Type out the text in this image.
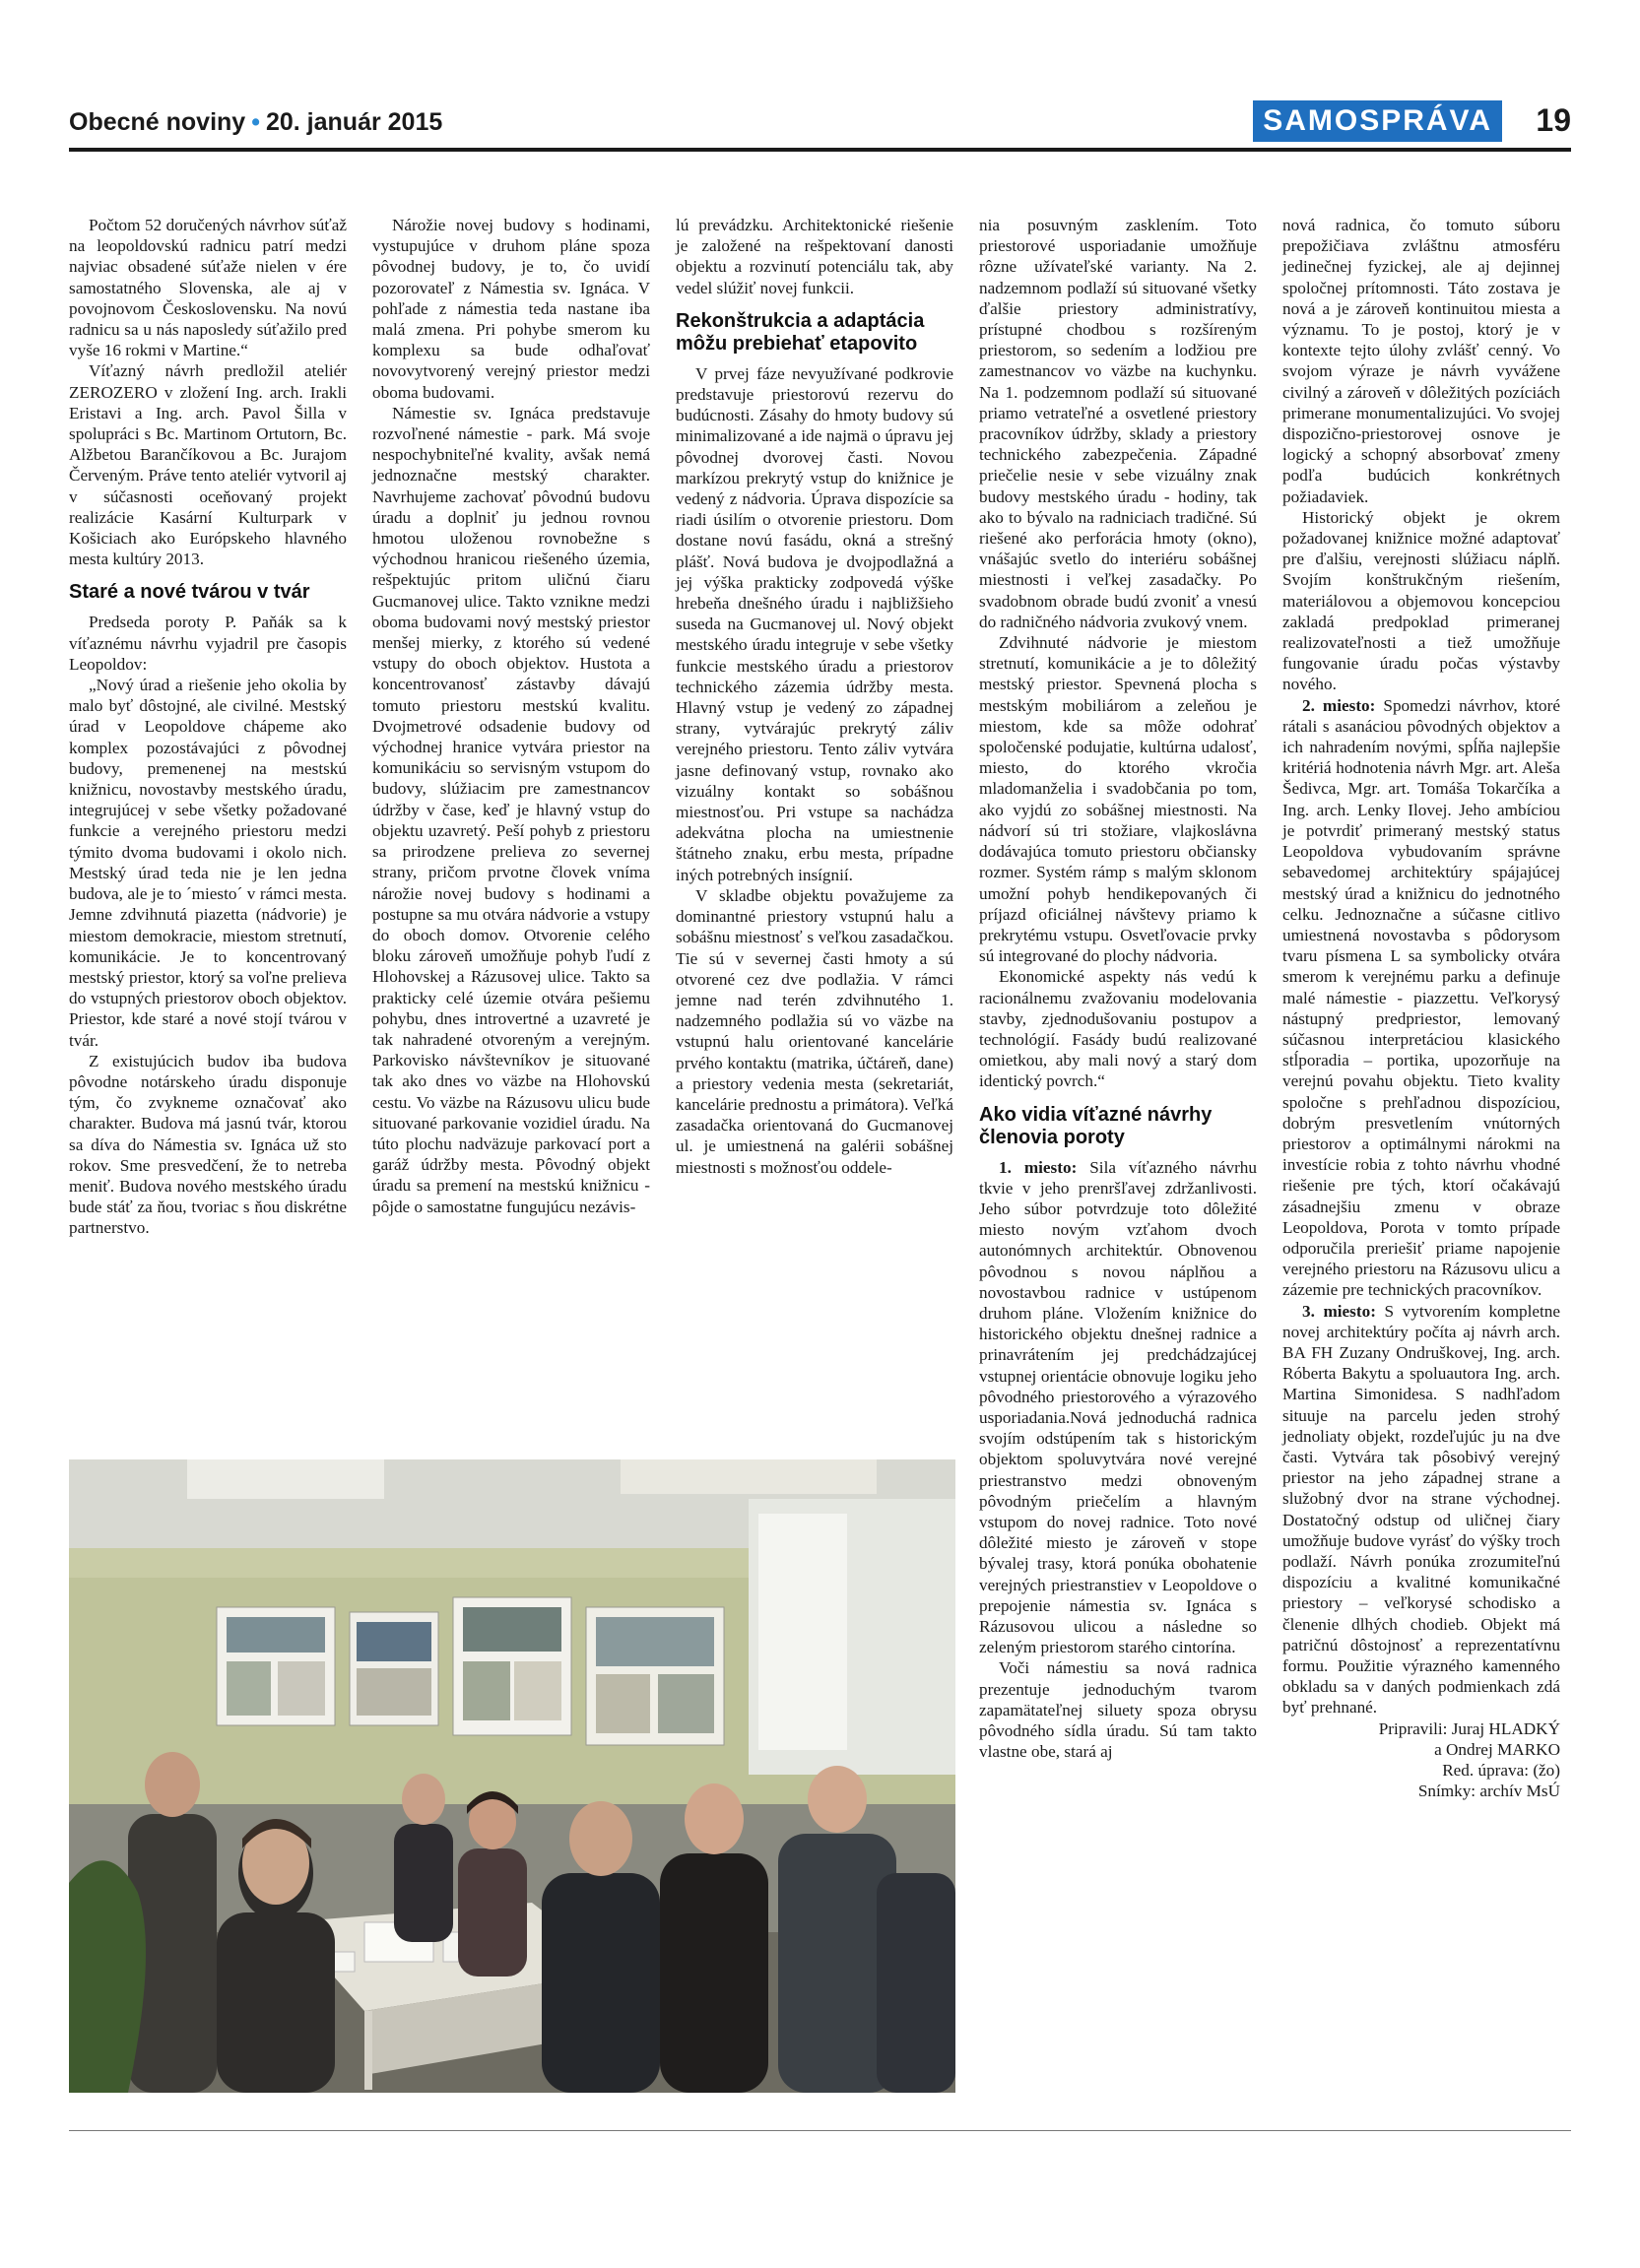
Obecné noviny • 20. január 2015	SAMOSPRÁVA	19

Počtom 52 doručených návrhov súťaž na leopoldovskú radnicu patrí medzi najviac obsadené súťaže nielen v ére samostatného Slovenska, ale aj v povojnovom Československu. Na novú radnicu sa u nás naposledy súťažilo pred vyše 16 rokmi v Martine.“

Víťazný návrh predložil ateliér ZEROZERO v zložení Ing. arch. Irakli Eristavi a Ing. arch. Pavol Šilla v spolupráci s Bc. Martinom Ortutorn, Bc. Alžbetou Barančíkovou a Bc. Jurajom Červeným. Práve tento ateliér vytvoril aj v súčasnosti oceňovaný projekt realizácie Kasární Kulturpark v Košiciach ako Európskeho hlavného mesta kultúry 2013.

Staré a nové tvárou v tvár

Predseda poroty P. Paňák sa k víťaznému návrhu vyjadril pre časopis Leopoldov:

„Nový úrad a riešenie jeho okolia by malo byť dôstojné, ale civilné. Mestský úrad v Leopoldove chápeme ako komplex pozostávajúci z pôvodnej budovy, premenenej na mestskú knižnicu, novostavby mestského úradu, integrujúcej v sebe všetky požadované funkcie a verejného priestoru medzi týmito dvoma budovami i okolo nich. Mestský úrad teda nie je len jedna budova, ale je to ´miesto´ v rámci mesta. Jemne zdvihnutá piazetta (nádvorie) je miestom demokracie, miestom stretnutí, komunikácie. Je to koncentrovaný mestský priestor, ktorý sa voľne prelieva do vstupných priestorov oboch objektov. Priestor, kde staré a nové stojí tvárou v tvár.

Z existujúcich budov iba budova pôvodne notárskeho úradu disponuje tým, čo zvykneme označovať ako charakter. Budova má jasnú tvár, ktorou sa díva do Námestia sv. Ignáca už sto rokov. Sme presvedčení, že to netreba meniť. Budova nového mestského úradu bude stáť za ňou, tvoriac s ňou diskrétne partnerstvo.

Nárožie novej budovy s hodinami, vystupujúce v druhom pláne spoza pôvodnej budovy, je to, čo uvidí pozorovateľ z Námestia sv. Ignáca. V pohľade z námestia teda nastane iba malá zmena. Pri pohybe smerom ku komplexu sa bude odhaľovať novovytvorený verejný priestor medzi oboma budovami.

Námestie sv. Ignáca predstavuje rozvoľnené námestie - park. Má svoje nespochybniteľné kvality, avšak nemá jednoznačne mestský charakter. Navrhujeme zachovať pôvodnú budovu úradu a doplniť ju jednou rovnou hmotou uloženou rovnobežne s východnou hranicou riešeného územia, rešpektujúc pritom uličnú čiaru Gucmanovej ulice. Takto vznikne medzi oboma budovami nový mestský priestor menšej mierky, z ktorého sú vedené vstupy do oboch objektov. Hustota a koncentrovanosť zástavby dávajú tomuto priestoru mestskú kvalitu. Dvojmetrové odsadenie budovy od východnej hranice vytvára priestor na komunikáciu so servisným vstupom do budovy, slúžiacim pre zamestnancov údržby v čase, keď je hlavný vstup do objektu uzavretý. Peší pohyb z priestoru sa prirodzene prelieva zo severnej strany, pričom prvotne človek vníma nárožie novej budovy s hodinami a postupne sa mu otvára nádvorie a vstupy do oboch domov. Otvorenie celého bloku zároveň umožňuje pohyb ľudí z Hlohovskej a Rázusovej ulice. Takto sa prakticky celé územie otvára pešiemu pohybu, dnes introvertné a uzavreté je tak nahradené otvoreným a verejným. Parkovisko návštevníkov je situované tak ako dnes vo väzbe na Hlohovskú cestu. Vo väzbe na Rázusovu ulicu bude situované parkovanie vozidiel úradu. Na túto plochu nadväzuje parkovací port a garáž údržby mesta. Pôvodný objekt úradu sa premení na mestskú knižnicu - pôjde o samostatne fungujúcu nezávis-

lú prevádzku. Architektonické riešenie je založené na rešpektovaní danosti objektu a rozvinutí potenciálu tak, aby vedel slúžiť novej funkcii.

Rekonštrukcia a adaptácia môžu prebiehať etapovito

V prvej fáze nevyužívané podkrovie predstavuje priestorovú rezervu do budúcnosti. Zásahy do hmoty budovy sú minimalizované a ide najmä o úpravu jej pôvodnej dvorovej časti. Novou markízou prekrytý vstup do knižnice je vedený z nádvoria. Úprava dispozície sa riadi úsilím o otvorenie priestoru. Dom dostane novú fasádu, okná a strešný plášť. Nová budova je dvojpodlažná a jej výška prakticky zodpovedá výške hrebeňa dnešného úradu i najbližšieho suseda na Gucmanovej ul. Nový objekt mestského úradu integruje v sebe všetky funkcie mestského úradu a priestorov technického zázemia údržby mesta. Hlavný vstup je vedený zo západnej strany, vytvárajúc prekrytý záliv verejného priestoru. Tento záliv vytvára jasne definovaný vstup, rovnako ako vizuálny kontakt so sobášnou miestnosťou. Pri vstupe sa nachádza adekvátna plocha na umiestnenie štátneho znaku, erbu mesta, prípadne iných potrebných insígnií.

V skladbe objektu považujeme za dominantné priestory vstupnú halu a sobášnu miestnosť s veľkou zasadačkou. Tie sú v severnej časti hmoty a sú otvorené cez dve podlažia. V rámci jemne nad terén zdvihnutého 1. nadzemného podlažia sú vo väzbe na vstupnú halu orientované kancelárie prvého kontaktu (matrika, účtáreň, dane) a priestory vedenia mesta (sekretariát, kancelárie prednostu a primátora). Veľká zasadačka orientovaná do Gucmanovej ul. je umiestnená na galérii sobášnej miestnosti s možnosťou oddele-

nia posuvným zasklením. Toto priestorové usporiadanie umožňuje rôzne užívateľské varianty. Na 2. nadzemnom podlaží sú situované všetky ďalšie priestory administratívy, prístupné chodbou s rozšíreným priestorom, so sedením a lodžiou pre zamestnancov vo väzbe na kuchynku. Na 1. podzemnom podlaží sú situované priamo vetrateľné a osvetlené priestory pracovníkov údržby, sklady a priestory technického zabezpečenia. Západné priečelie nesie v sebe vizuálny znak budovy mestského úradu - hodiny, tak ako to bývalo na radniciach tradičné. Sú riešené ako perforácia hmoty (okno), vnášajúc svetlo do interiéru sobášnej miestnosti i veľkej zasadačky. Po svadobnom obrade budú zvoniť a vnesú do radničného nádvoria zvukový vnem.

Zdvihnuté nádvorie je miestom stretnutí, komunikácie a je to dôležitý mestský priestor. Spevnená plocha s mestským mobiliárom a zeleňou je miestom, kde sa môže odohrať spoločenské podujatie, kultúrna udalosť, miesto, do ktorého vkročia mladomanželia i svadobčania po tom, ako vyjdú zo sobášnej miestnosti. Na nádvorí sú tri stožiare, vlajkoslávna dodávajúca tomuto priestoru občiansky rozmer. Systém rámp s malým sklonom umožní pohyb hendikepovaných či príjazd oficiálnej návštevy priamo k prekrytému vstupu. Osvetľovacie prvky sú integrované do plochy nádvoria.

Ekonomické aspekty nás vedú k racionálnemu zvažovaniu modelovania stavby, zjednodušovaniu postupov a technológií. Fasády budú realizované omietkou, aby mali nový a starý dom identický povrch.“

Ako vidia víťazné návrhy členovia poroty

1. miesto: Sila víťazného návrhu tkvie v jeho prenršľavej zdržanlivosti. Jeho súbor potvrdzuje toto dôležité miesto novým vzťahom dvoch autonómnych architektúr. Obnovenou pôvodnou s novou náplňou a novostavbou radnice v ustúpenom druhom pláne. Vložením knižnice do historického objektu dnešnej radnice a prinavrátením jej predchádzajúcej vstupnej orientácie obnovuje logiku jeho pôvodného priestorového a výrazového usporiadania.Nová jednoduchá radnica svojím odstúpením tak s historickým objektom spoluvytvára nové verejné priestranstvo medzi obnoveným pôvodným priečelím a hlavným vstupom do novej radnice. Toto nové dôležité miesto je zároveň v stope bývalej trasy, ktorá ponúka obohatenie verejných priestranstiev v Leopoldove o prepojenie námestia sv. Ignáca s Rázusovou ulicou a následne so zeleným priestorom starého cintorína.

Voči námestiu sa nová radnica prezentuje jednoduchým tvarom zapamätateľnej siluety spoza obrysu pôvodného sídla úradu. Sú tam takto vlastne obe, stará aj

nová radnica, čo tomuto súboru prepožičiava zvláštnu atmosféru jedinečnej fyzickej, ale aj dejinnej spoločnej prítomnosti. Táto zostava je nová a je zároveň kontinuitou miesta a významu. To je postoj, ktorý je v kontexte tejto úlohy zvlášť cenný. Vo svojom výraze je návrh vyvážene civilný a zároveň v dôležitých pozíciách primerane monumentalizujúci. Vo svojej dispozično-priestorovej osnove je logický a schopný absorbovať zmeny podľa budúcich konkrétnych požiadaviek.

Historický objekt je okrem požadovanej knižnice možné adaptovať pre ďalšiu, verejnosti slúžiacu náplň. Svojím konštrukčným riešením, materiálovou a objemovou koncepciou zakladá predpoklad primeranej realizovateľnosti a tiež umožňuje fungovanie úradu počas výstavby nového.

2. miesto: Spomedzi návrhov, ktoré rátali s asanáciou pôvodných objektov a ich nahradením novými, spĺňa najlepšie kritériá hodnotenia návrh Mgr. art. Aleša Šedivca, Mgr. art. Tomáša Tokarčíka a Ing. arch. Lenky Ilovej. Jeho ambíciou je potvrdiť primeraný mestský status Leopoldova vybudovaním správne sebavedomej architektúry spájajúcej mestský úrad a knižnicu do jednotného celku. Jednoznačne a súčasne citlivo umiestnená novostavba s pôdorysom tvaru písmena L sa symbolicky otvára smerom k verejnému parku a definuje malé námestie - piazzettu. Veľkorysý nástupný predpriestor, lemovaný súčasnou interpretáciou klasického stĺporadia – portika, upozorňuje na verejnú povahu objektu. Tieto kvality spoločne s prehľadnou dispozíciou, dobrým presvetlením vnútorných priestorov a optimálnymi nárokmi na investície robia z tohto návrhu vhodné riešenie pre tých, ktorí očakávajú zásadnejšiu zmenu v obraze Leopoldova, Porota v tomto prípade odporučila preriešiť priame napojenie verejného priestoru na Rázusovu ulicu a zázemie pre technických pracovníkov.

3. miesto: S vytvorením kompletne novej architektúry počíta aj návrh arch. BA FH Zuzany Ondruškovej, Ing. arch. Róberta Bakytu a spoluautora Ing. arch. Martina Simonidesa. S nadhľadom situuje na parcelu jeden strohý jednoliaty objekt, rozdeľujúc ju na dve časti. Vytvára tak pôsobivý verejný priestor na jeho západnej strane a služobný dvor na strane východnej. Dostatočný odstup od uličnej čiary umožňuje budove vyrásť do výšky troch podlaží. Návrh ponúka zrozumiteľnú dispozíciu a kvalitné komunikačné priestory – veľkorysé schodisko a členenie dlhých chodieb. Objekt má patričnú dôstojnosť a reprezentatívnu formu. Použitie výrazného kamenného obkladu sa v daných podmienkach zdá byť prehnané.

Pripravili: Juraj HLADKÝ

a Ondrej MARKO

Red. úprava: (žo)

Snímky: archív MsÚ
